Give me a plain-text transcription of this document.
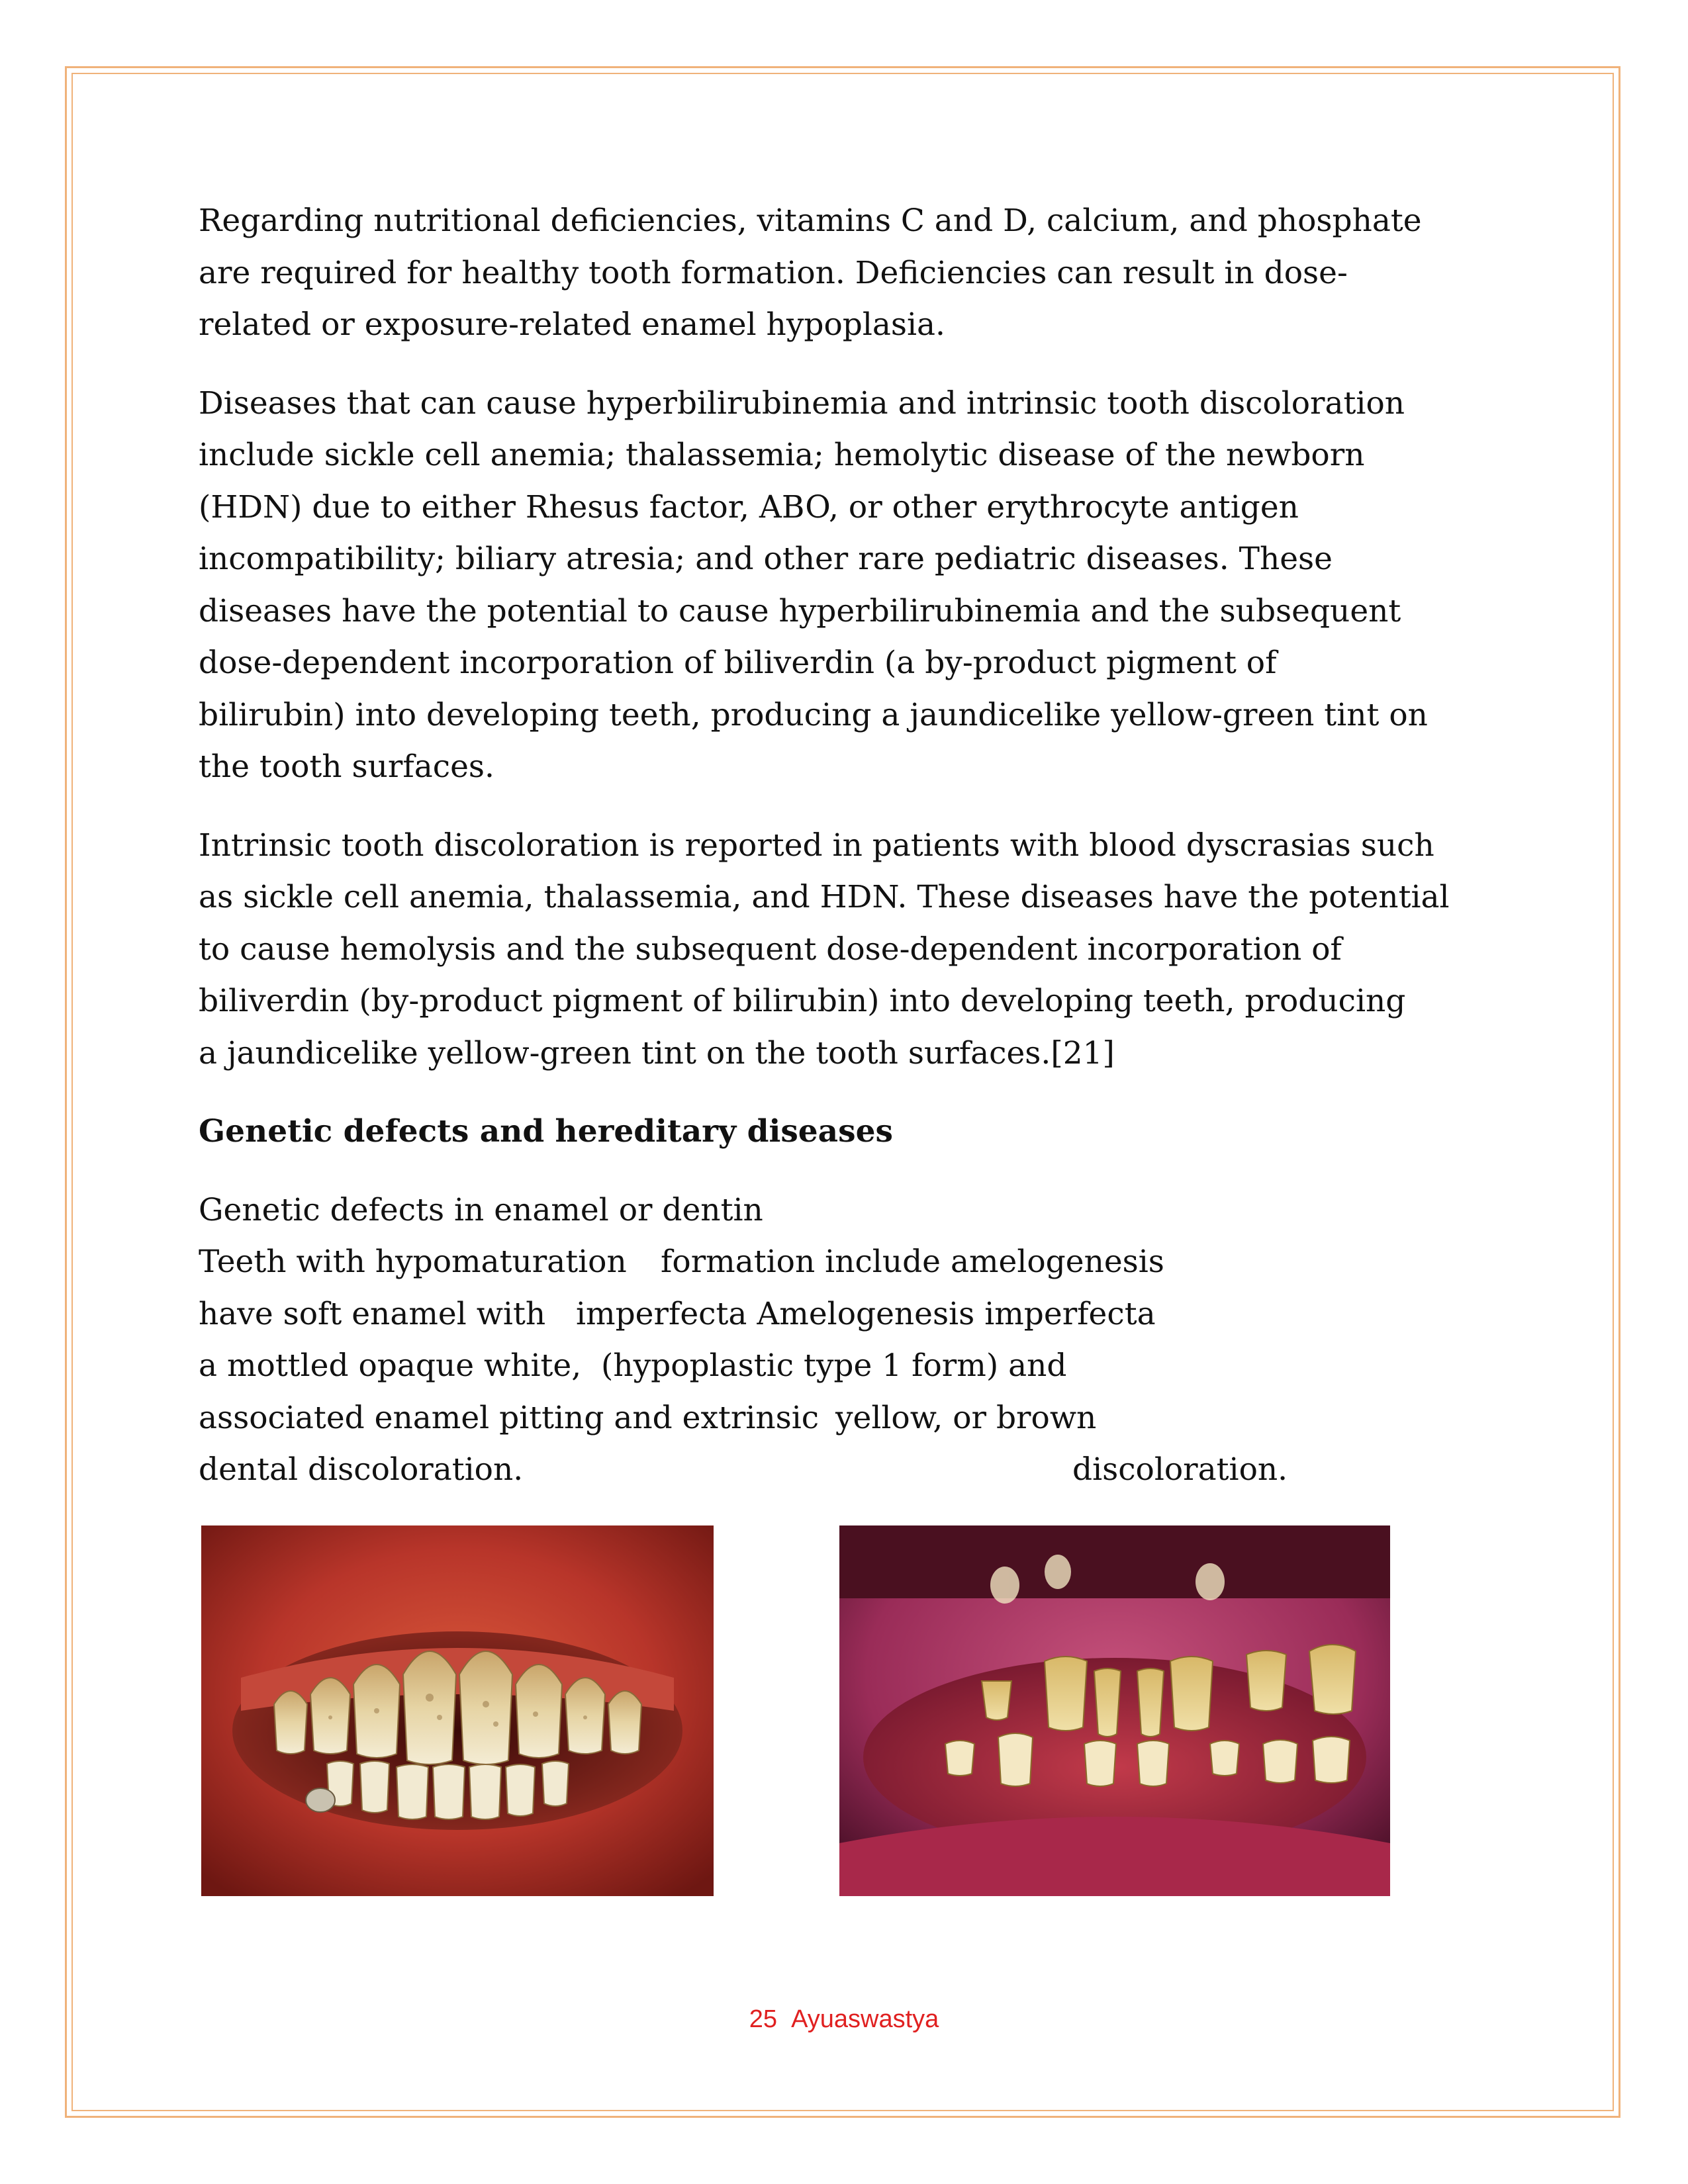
Regarding nutritional deficiencies, vitamins C and D, calcium, and phosphate
are required for healthy tooth formation. Deficiencies can result in dose-
related or exposure-related enamel hypoplasia.
Diseases that can cause hyperbilirubinemia and intrinsic tooth discoloration
include sickle cell anemia; thalassemia; hemolytic disease of the newborn
(HDN) due to either Rhesus factor, ABO, or other erythrocyte antigen
incompatibility; biliary atresia; and other rare pediatric diseases. These
diseases have the potential to cause hyperbilirubinemia and the subsequent
dose-dependent incorporation of biliverdin (a by-product pigment of
bilirubin) into developing teeth, producing a jaundicelike yellow-green tint on
the tooth surfaces.
Intrinsic tooth discoloration is reported in patients with blood dyscrasias such
as sickle cell anemia, thalassemia, and HDN. These diseases have the potential
to cause hemolysis and the subsequent dose-dependent incorporation of
biliverdin (by-product pigment of bilirubin) into developing teeth, producing
a jaundicelike yellow-green tint on the tooth surfaces.[21]
Genetic defects and hereditary diseases
Genetic defects in enamel or dentin
Teeth with hypomaturation
have soft enamel with
a mottled opaque white,
associated enamel pitting and extrinsic
dental discoloration.
formation include amelogenesis
imperfecta Amelogenesis imperfecta
(hypoplastic type 1 form) and
yellow, or brown
discoloration.
25 Ayuaswastya
